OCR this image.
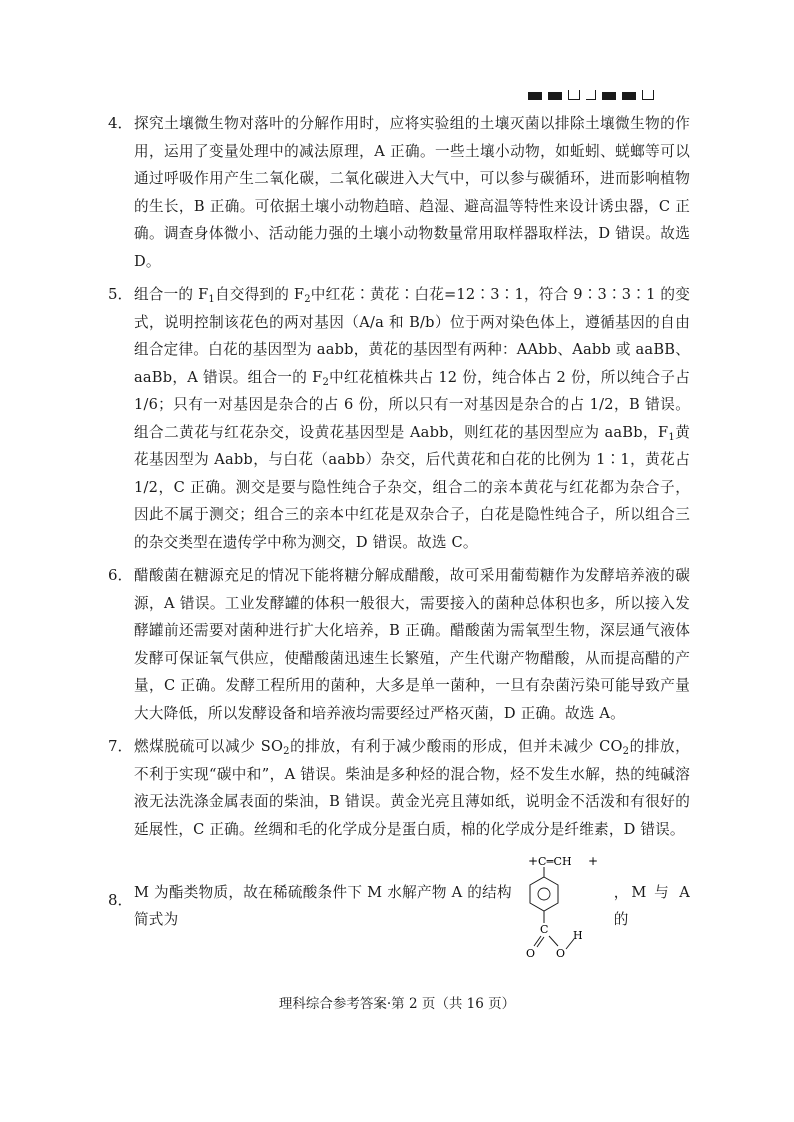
4． 探究土壤微生物对落叶的分解作用时，应将实验组的土壤灭菌以排除土壤微生物的作用，运用了变量处理中的减法原理，A 正确。一些土壤小动物，如蚯蚓、蜣螂等可以通过呼吸作用产生二氧化碳，二氧化碳进入大气中，可以参与碳循环，进而影响植物的生长，B 正确。可依据土壤小动物趋暗、趋湿、避高温等特性来设计诱虫器，C 正确。调查身体微小、活动能力强的土壤小动物数量常用取样器取样法，D 错误。故选 D。
5． 组合一的 $F_1$自交得到的 $F_2$中红花∶黄花∶白花=12∶3∶1，符合 9∶3∶3∶1 的变式，说明控制该花色的两对基因（A/a 和 B/b）位于两对染色体上，遵循基因的自由组合定律。白花的基因型为 aabb，黄花的基因型有两种：AAbb、Aabb 或 aaBB、aaBb，A 错误。组合一的 $F_2$中红花植株共占 12 份，纯合体占 2 份，所以纯合子占 1/6；只有一对基因是杂合的占 6 份，所以只有一对基因是杂合的占 1/2，B 错误。组合二黄花与红花杂交，设黄花基因型是 Aabb，则红花的基因型应为 aaBb，$F_1$黄花基因型为 Aabb，与白花（aabb）杂交，后代黄花和白花的比例为 1∶1，黄花占 1/2，C 正确。测交是要与隐性纯合子杂交，组合二的亲本黄花与红花都为杂合子，因此不属于测交；组合三的亲本中红花是双杂合子，白花是隐性纯合子，所以组合三的杂交类型在遗传学中称为测交，D 错误。故选 C。
6． 醋酸菌在糖源充足的情况下能将糖分解成醋酸，故可采用葡萄糖作为发酵培养液的碳源，A 错误。工业发酵罐的体积一般很大，需要接入的菌种总体积也多，所以接入发酵罐前还需要对菌种进行扩大化培养，B 正确。醋酸菌为需氧型生物，深层通气液体发酵可保证氧气供应，使醋酸菌迅速生长繁殖，产生代谢产物醋酸，从而提高醋的产量，C 正确。发酵工程所用的菌种，大多是单一菌种，一旦有杂菌污染可能导致产量大大降低，所以发酵设备和培养液均需要经过严格灭菌，D 正确。故选 A。
7． 燃煤脱硫可以减少 $SO_2$的排放，有利于减少酸雨的形成，但并未减少 $CO_2$的排放，不利于实现“碳中和”，A 错误。柴油是多种烃的混合物，烃不发生水解，热的纯碱溶液无法洗涤金属表面的柴油，B 错误。黄金光亮且薄如纸，说明金不活泼和有很好的延展性，C 正确。丝绸和毛的化学成分是蛋白质，棉的化学成分是纤维素，D 错误。
8． M 为酯类物质，故在稀硫酸条件下 M 水解产物 A 的结构简式为
+ C═CH +
C
O O
H
，M 与 A 的
理科综合参考答案·第 2 页（共 16 页）
